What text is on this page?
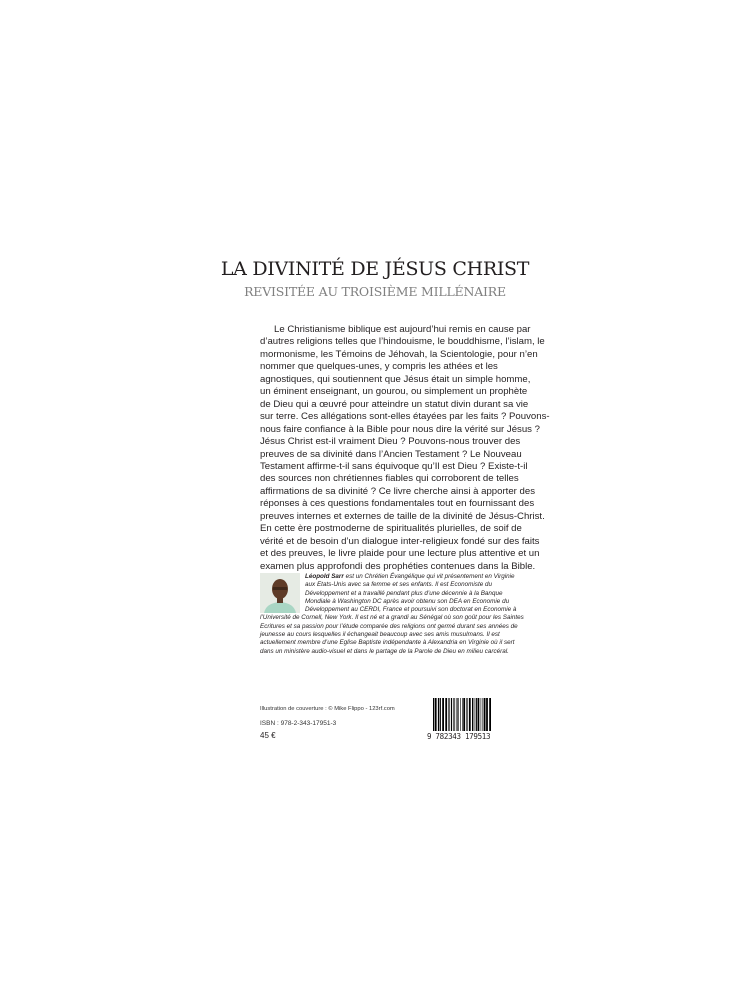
LA DIVINITÉ DE JÉSUS CHRIST
REVISITÉE AU TROISIÈME MILLÉNAIRE
Le Christianisme biblique est aujourd’hui remis en cause par
d’autres religions telles que l’hindouisme, le bouddhisme, l’islam, le
mormonisme, les Témoins de Jéhovah, la Scientologie, pour n’en
nommer que quelques-unes, y compris les athées et les
agnostiques, qui soutiennent que Jésus était un simple homme,
un éminent enseignant, un gourou, ou simplement un prophète
de Dieu qui a œuvré pour atteindre un statut divin durant sa vie
sur terre. Ces allégations sont-elles étayées par les faits ? Pouvons-
nous faire confiance à la Bible pour nous dire la vérité sur Jésus ?
Jésus Christ est-il vraiment Dieu ? Pouvons-nous trouver des
preuves de sa divinité dans l’Ancien Testament ? Le Nouveau
Testament affirme-t-il sans équivoque qu’Il est Dieu ? Existe-t-il
des sources non chrétiennes fiables qui corroborent de telles
affirmations de sa divinité ? Ce livre cherche ainsi à apporter des
réponses à ces questions fondamentales tout en fournissant des
preuves internes et externes de taille de la divinité de Jésus-Christ.
En cette ère postmoderne de spiritualités plurielles, de soif de
vérité et de besoin d’un dialogue inter-religieux fondé sur des faits
et des preuves, le livre plaide pour une lecture plus attentive et un
examen plus approfondi des prophéties contenues dans la Bible.
Léopold Sarr est un Chrétien Évangélique qui vit présentement en Virginie
aux Etats-Unis avec sa femme et ses enfants. Il est Economiste du
Développement et a travaillé pendant plus d’une décennie à la Banque
Mondiale à Washington DC après avoir obtenu son DEA en Economie du
Développement au CERDI, France et poursuivi son doctorat en Economie à
l’Université de Cornell, New York. Il est né et a grandi au Sénégal où son goût pour les Saintes
Ecritures et sa passion pour l’étude comparée des religions ont germé durant ses années de
jeunesse au cours lesquelles il échangeait beaucoup avec ses amis musulmans. Il est
actuellement membre d’une Eglise Baptiste indépendante à Alexandria en Virginie où il sert
dans un ministère audio-visuel et dans le partage de la Parole de Dieu en milieu carcéral.
Illustration de couverture : © Mike Flippo - 123rf.com
ISBN : 978-2-343-17951-3
45 €	9 782343 179513
